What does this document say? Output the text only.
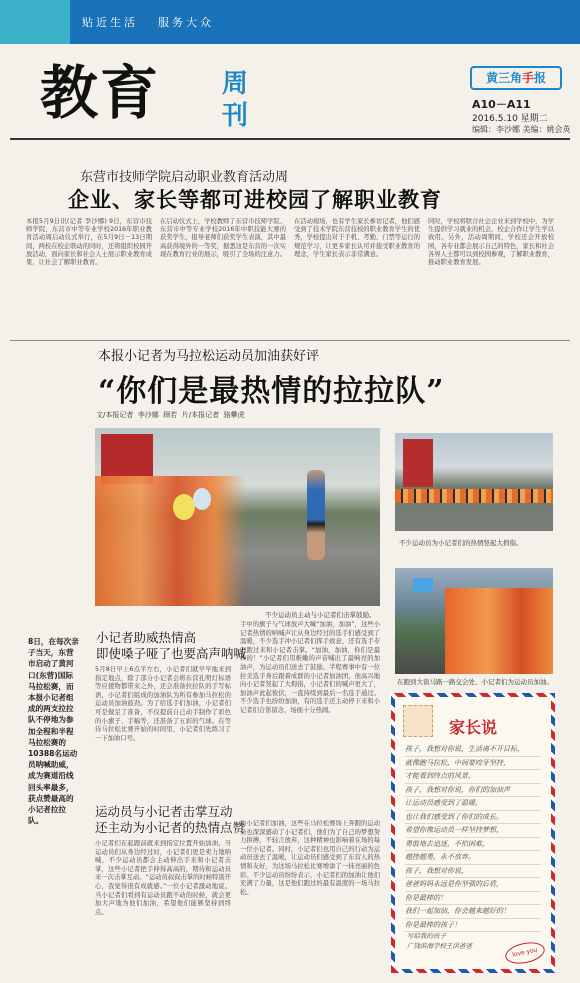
贴近生活 服务大众
教育 周刊
黄三角手报
A10－A11
2016.5.10 星期二
编辑：李沙娜 美编：姚会英
东营市技师学院启动职业教育活动周
企业、家长等都可进校园了解职业教育
本报5月9日讯(记者 李沙娜) 9日，东营市技师学院、东营市中等专业学校2016年职业教育活动周启动仪式举行，在5月9日－13日期间，两校在校企联动的同时，还将组织校园开放活动，面向家长和社会人士展示职业教育成果，让社会了解职业教育。
在启动仪式上，学校教师了东营市技师学院、东营市中等专业学校2016年中职技能大赛的获奖学生，报导老师们获奖学生表演，其中最高获得境外的一等奖，据悉这是东营的一次实现在教育行业的展示，吸引了全场的注意力。
在活动现场，也有学生家长参访记者，他们感受到了技术学院东营技校的职业教育学生的优秀，学校提出对于手机、考勤、门禁等运行的规范学习，让更多家长认可并接受职业教育的理念，学生家长表示非常满意。
同时，学校将联合社会企业来到学校中，为学生提供学习就业的机会，校企合作让学生学以致用。另外，活动周期间，学校还会开放校园，各专业都会展示自己的特色，家长和社会各界人士都可以到校园参观，了解职业教育，推动职业教育发展。
本报小记者为马拉松运动员加油获好评
“你们是最热情的拉拉队”
文/本报记者  李沙娜  顾若  片/本报记者  骆攀虎
不少运动员主动与小记者们击掌鼓励。
不少运动员为小记者们的热情竖起大拇指。
在跑到大街马路一路交会处，小记者们为运动员加油。
8日，在每次亲子当天，东营市启动了黄河口(东营)国际马拉松赛，而本报小记者组成的两支拉拉队不停地为参加全程和半程马拉松赛的10388名运动员呐喊助威，成为赛道沿线回头率最多，获点赞最高的小记者拉拉队。
小记者助威热情高
即使嗓子哑了也要高声呐喊
5月8日早上6点半左右，小记者们就早早地来到指定地点，除了部分小记者会将东营孔明灯标语等应援物都带来之外，还会准备拉拉队的手写标语，小记者们组成的加油队为所有参加马拉松的运动员加油鼓劲。为了给选手们加油，小记者们可是做足了准备，不仅提前自己动手制作了彩色的小旗子、手幅等，还准备了五彩的气球。在等待马拉松比赛开始的时间里，小记者们先练习了一下加油口号。
手中的旗子与气球放声大喊“加油，加油”，这些小记者热情的呐喊声让从身边经过的选手们感受到了温暖，不少选手冲小记者们挥手致意，还有选手专门跑过来和小记者击掌。“加油，加油，你们是最棒的！”小记者们用稚嫩的声音喊出了最响亮的加油声，为运动员们送去了鼓励。半程赛事中有一位拉美选手身后跟着成群的小记者加油团，他高兴地向小记者竖起了大拇指，小记者们的喊声更大了，加油声此起彼伏，一直持续到最后一名选手通过。不少选手也纷纷加油，有的选手还主动停下来和小记者们合影留念，场面十分热闹。
运动员与小记者击掌互动
还主动为小记者的热情点赞
小记者们在起跑前就来到指定位置开始加油，当运动员们从身边经过时，小记者们更是卖力地呐喊，不少运动员都会主动伸出手来和小记者击掌，这些小记者把手伸得高高的，期待和运动员来一次击掌互动。“运动员叔叔击掌的时候特别开心，我觉得很有成就感。”一位小记者激动地说。当小记者们看到有运动员跑不动的时候，就会更加大声地为他们加油，希望他们能够坚持到终点。
为小记者们加油，这些在马拉松赛场上奔跑的运动员也深深感动了小记者们，他们为了自己的梦想努力拼搏，不轻言放弃，这种精神也影响着在场的每一位小记者。同时，小记者们也用自己的行动为运动员送去了温暖，让运动员们感受到了东营人的热情和友好，为这场马拉松比赛增添了一抹亮丽的色彩。不少运动员纷纷表示，小记者们的加油让他们充满了力量，这是他们跑过的最有温度的一场马拉松。
家长说
孩子，我想对你说，生活离不开目标，
就像跑马拉松，中间要咬牙坚持，
才能看到终点的风景。
孩子，我想对你说，你们的加油声
让运动员感受到了温暖，
也让我们感受到了你们的成长。
希望你像运动员一样坚持梦想，
勇敢地去追逐，不怕困难，
越挫越勇，永不放弃。
孩子，我想对你说，
爸爸妈妈永远是你坚强的后盾，
你是最棒的！
我们一起加油，你会越来越好的！
你是最棒的孩子！
写给我的孩子
广饶滨海学校王洪爸爸
love you
